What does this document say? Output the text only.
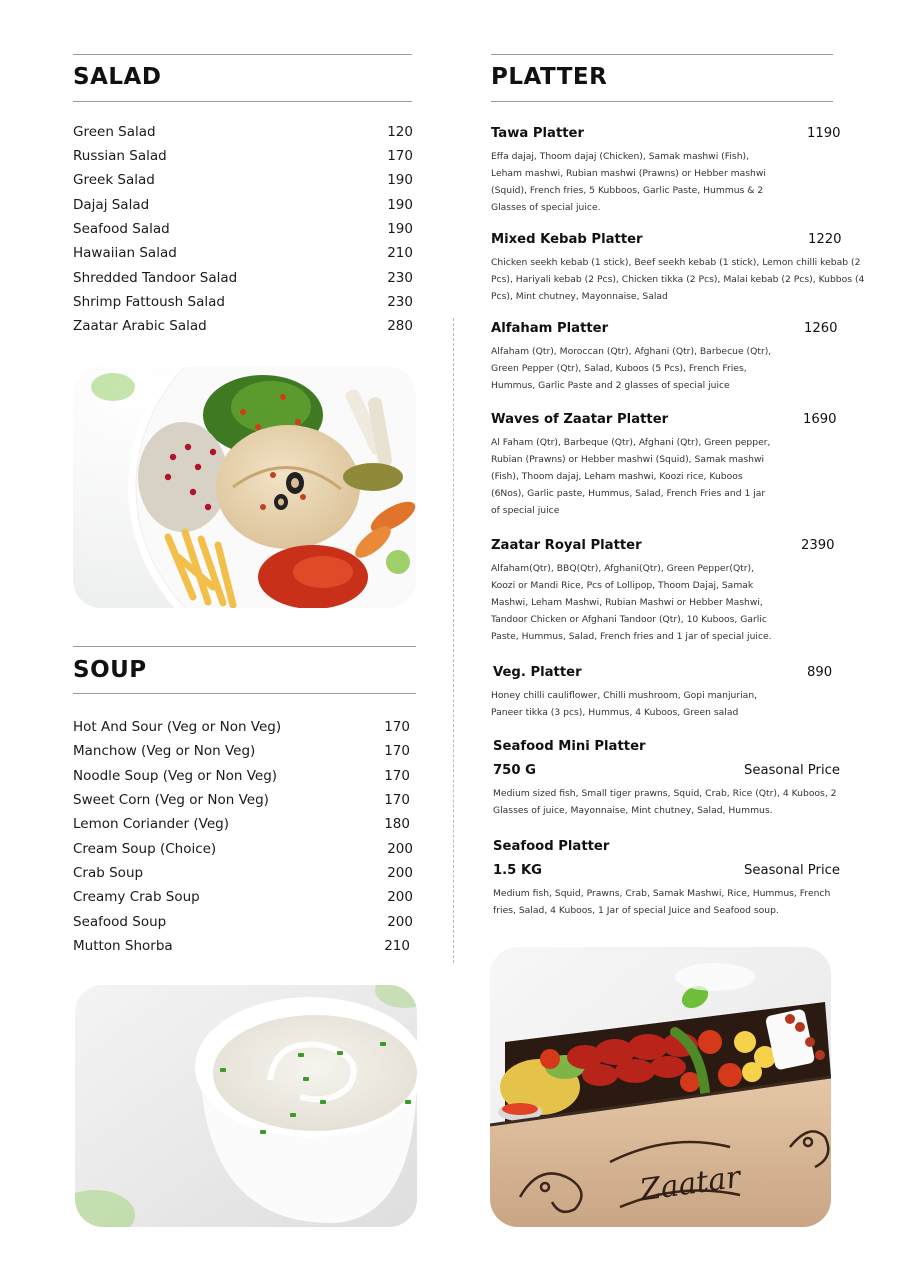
SALAD
Green Salad	120
Russian Salad	170
Greek Salad	190
Dajaj Salad	190
Seafood Salad	190
Hawaiian Salad	210
Shredded Tandoor Salad	230
Shrimp Fattoush Salad	230
Zaatar Arabic Salad	280
SOUP
Hot And Sour (Veg or Non Veg)	170
Manchow (Veg or Non Veg)	170
Noodle Soup (Veg or Non Veg)	170
Sweet Corn (Veg or Non Veg)	170
Lemon Coriander (Veg)	180
Cream Soup (Choice)	200
Crab Soup	200
Creamy Crab Soup	200
Seafood Soup	200
Mutton Shorba	210
PLATTER
Tawa Platter	1190
Effa dajaj, Thoom dajaj (Chicken), Samak mashwi (Fish), Leham mashwi, Rubian mashwi (Prawns) or Hebber mashwi (Squid), French fries, 5 Kubboos, Garlic Paste, Hummus & 2 Glasses of special juice.
Mixed Kebab Platter	1220
Chicken seekh kebab (1 stick), Beef seekh kebab (1 stick), Lemon chilli kebab (2 Pcs), Hariyali kebab (2 Pcs), Chicken tikka (2 Pcs), Malai kebab (2 Pcs), Kubbos (4 Pcs), Mint chutney, Mayonnaise, Salad
Alfaham Platter	1260
Alfaham (Qtr), Moroccan (Qtr), Afghani (Qtr), Barbecue (Qtr), Green Pepper (Qtr), Salad, Kuboos (5 Pcs), French Fries, Hummus, Garlic Paste and 2 glasses of special juice
Waves of Zaatar Platter	1690
Al Faham (Qtr), Barbeque (Qtr), Afghani (Qtr), Green pepper, Rubian (Prawns) or Hebber mashwi (Squid), Samak mashwi (Fish), Thoom dajaj, Leham mashwi, Koozi rice, Kuboos (6Nos), Garlic paste, Hummus, Salad, French Fries and 1 jar of special juice
Zaatar Royal Platter	2390
Alfaham(Qtr), BBQ(Qtr), Afghani(Qtr), Green Pepper(Qtr), Koozi or Mandi Rice, Pcs of Lollipop, Thoom Dajaj, Samak Mashwi, Leham Mashwi, Rubian Mashwi or Hebber Mashwi, Tandoor Chicken or Afghani Tandoor (Qtr), 10 Kuboos, Garlic Paste, Hummus, Salad, French fries and 1 jar of special juice.
Veg. Platter	890
Honey chilli cauliflower, Chilli mushroom, Gopi manjurian, Paneer tikka (3 pcs), Hummus, 4 Kuboos, Green salad
Seafood Mini Platter
750 G	Seasonal Price
Medium sized fish, Small tiger prawns, Squid, Crab, Rice (Qtr), 4 Kuboos, 2 Glasses of juice, Mayonnaise, Mint chutney, Salad, Hummus.
Seafood Platter
1.5 KG	Seasonal Price
Medium fish, Squid, Prawns, Crab, Samak Mashwi, Rice, Hummus, French fries, Salad, 4 Kuboos, 1 Jar of special Juice and Seafood soup.
Zaatar
